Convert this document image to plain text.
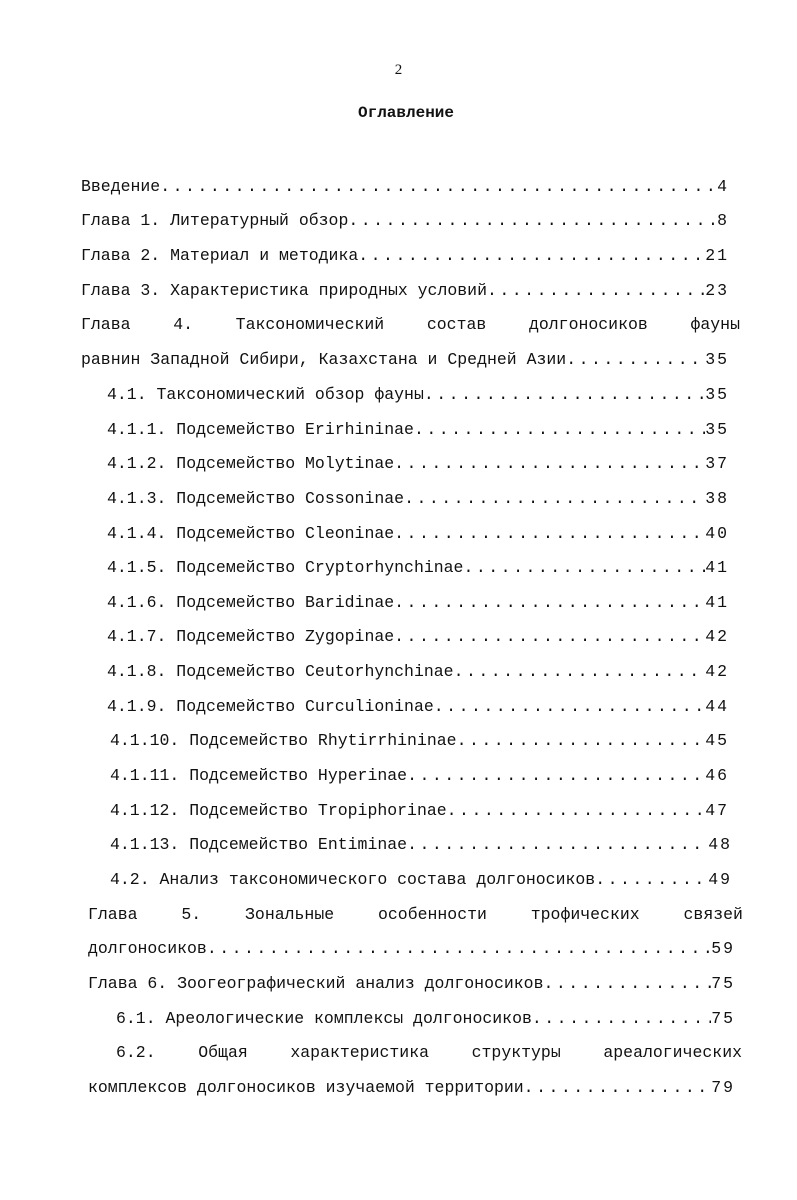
2
Оглавление
Введение .....	4
Глава 1. Литературный обзор .....	8
Глава 2. Материал и методика .....	21
Глава 3. Характеристика природных условий .....	23
Глава	4.	Таксономический	состав	долгоносиков	фауны
равнин Западной Сибири, Казахстана и Средней Азии .....	35
4.1. Таксономический обзор фауны .....	35
4.1.1. Подсемейство Erirhininae .....	35
4.1.2. Подсемейство Molytinae .....	37
4.1.3. Подсемейство Cossoninae .....	38
4.1.4. Подсемейство Cleoninae .....	40
4.1.5. Подсемейство Cryptorhynchinae .....	41
4.1.6. Подсемейство Baridinae .....	41
4.1.7. Подсемейство Zygopinae .....	42
4.1.8. Подсемейство Ceutorhynchinae .....	42
4.1.9. Подсемейство Curculioninae .....	44
4.1.10. Подсемейство Rhytirrhininae .....	45
4.1.11. Подсемейство Hyperinae .....	46
4.1.12. Подсемейство Tropiphorinae .....	47
4.1.13. Подсемейство Entiminae .....	48
4.2. Анализ таксономического состава долгоносиков .....	49
Глава	5.	Зональные	особенности	трофических	связей
долгоносиков .....	59
Глава 6. Зоогеографический анализ долгоносиков .....	75
6.1. Ареологические комплексы долгоносиков .....	75
6.2.	Общая	характеристика	структуры	ареалогических
комплексов долгоносиков изучаемой территории .....	79
